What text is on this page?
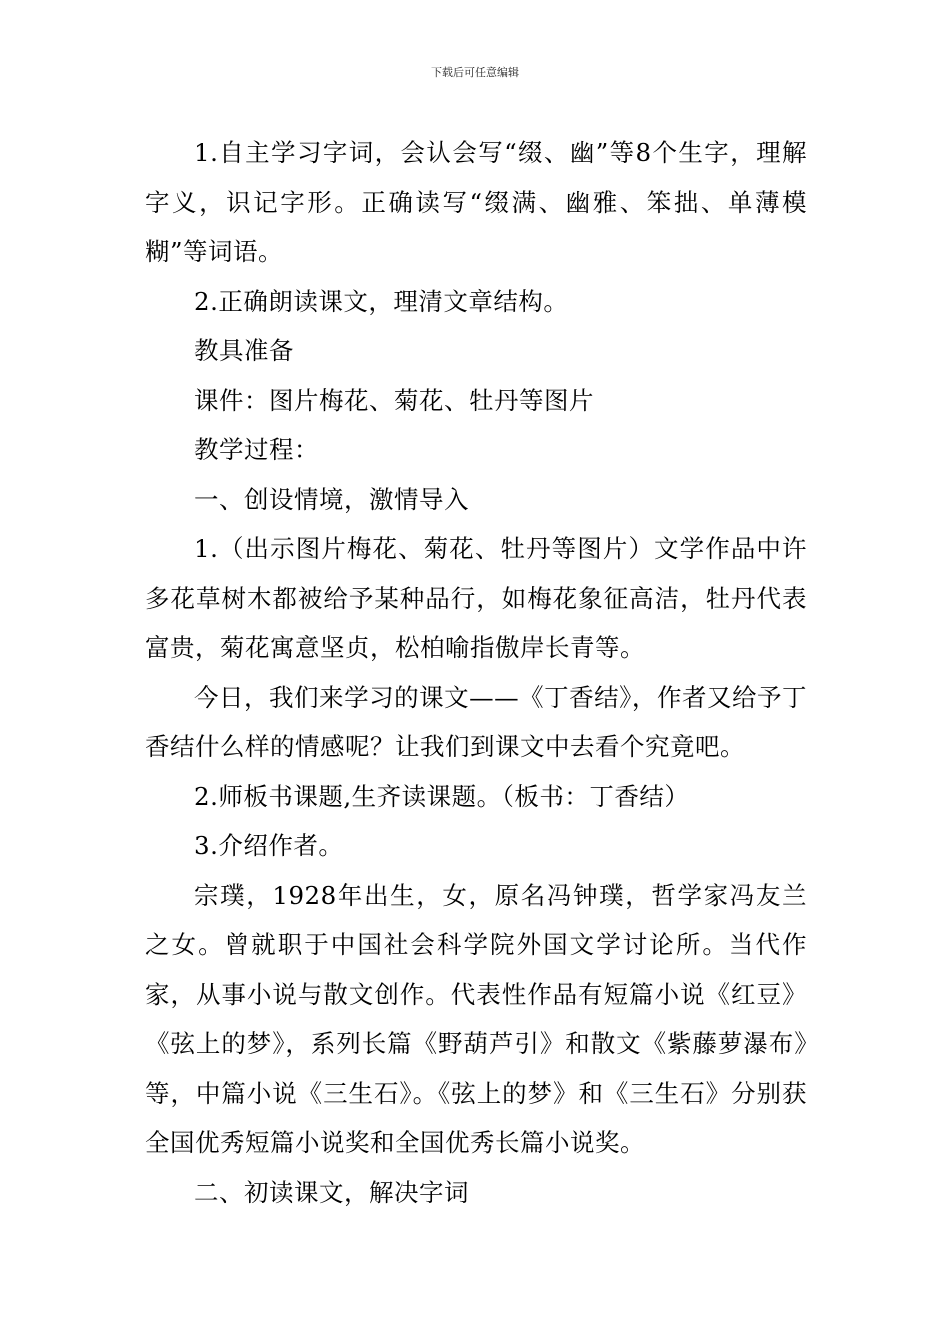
下载后可任意编辑

1.自主学习字词，会认会写“缀、幽”等8个生字，理解字义，识记字形。正确读写“缀满、幽雅、笨拙、单薄模糊”等词语。

2.正确朗读课文，理清文章结构。

教具准备

课件：图片梅花、菊花、牡丹等图片

教学过程：

一、创设情境，激情导入

1.（出示图片梅花、菊花、牡丹等图片）文学作品中许多花草树木都被给予某种品行，如梅花象征高洁，牡丹代表富贵，菊花寓意坚贞，松柏喻指傲岸长青等。

今日，我们来学习的课文——《丁香结》，作者又给予丁香结什么样的情感呢？让我们到课文中去看个究竟吧。

2.师板书课题,生齐读课题。（板书：丁香结）

3.介绍作者。

宗璞，1928年出生，女，原名冯钟璞，哲学家冯友兰之女。曾就职于中国社会科学院外国文学讨论所。当代作家，从事小说与散文创作。代表性作品有短篇小说《红豆》《弦上的梦》，系列长篇《野葫芦引》和散文《紫藤萝瀑布》等，中篇小说《三生石》。《弦上的梦》和《三生石》分别获全国优秀短篇小说奖和全国优秀长篇小说奖。

二、初读课文，解决字词
